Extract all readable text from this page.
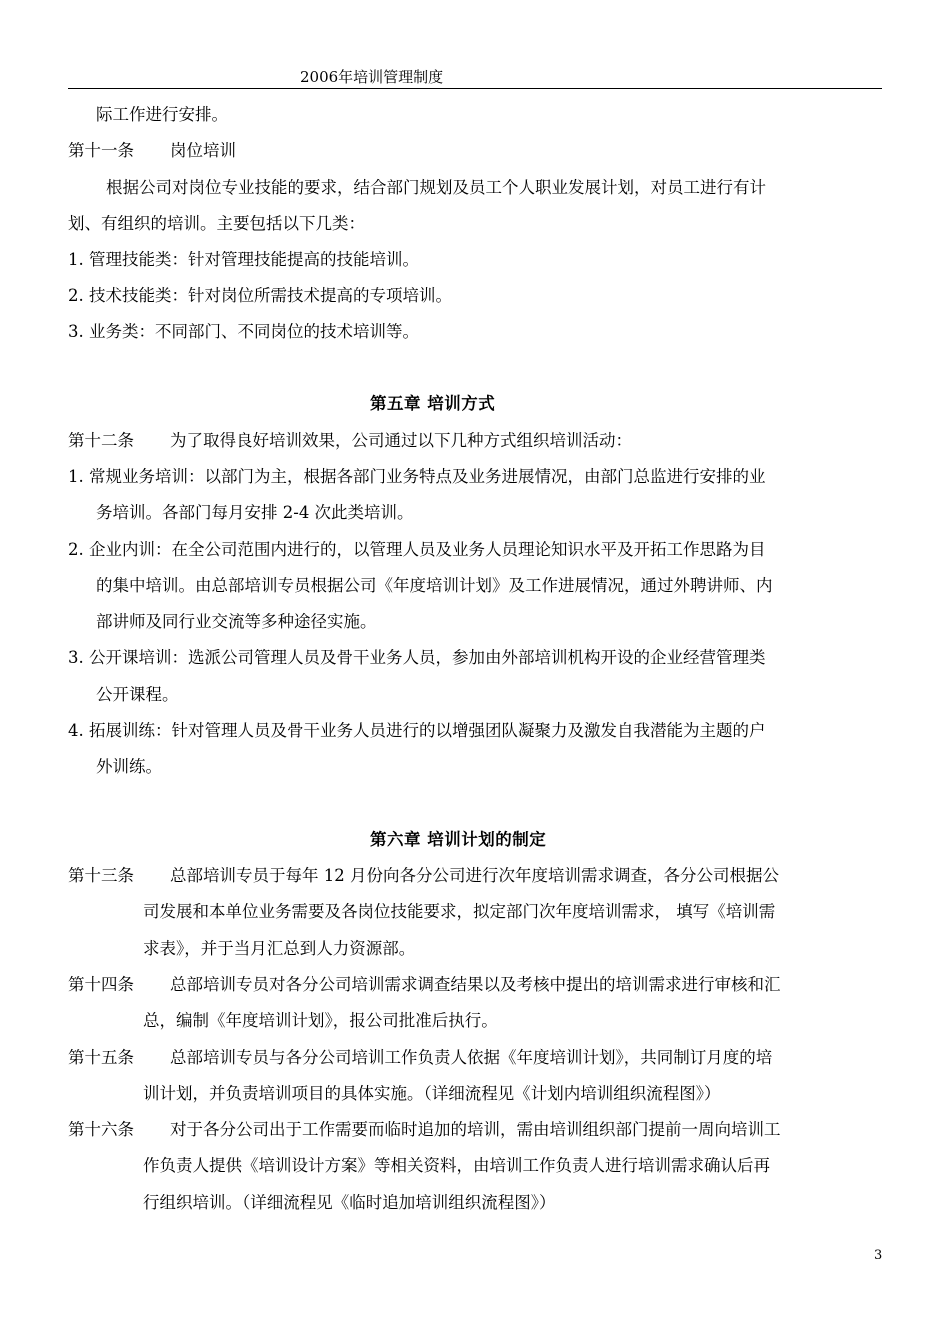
2006年培训管理制度
际工作进行安排。
第十一条 岗位培训
根据公司对岗位专业技能的要求，结合部门规划及员工个人职业发展计划，对员工进行有计
划、有组织的培训。主要包括以下几类：
1. 管理技能类：针对管理技能提高的技能培训。
2. 技术技能类：针对岗位所需技术提高的专项培训。
3. 业务类：不同部门、不同岗位的技术培训等。
第五章 培训方式
第十二条 为了取得良好培训效果，公司通过以下几种方式组织培训活动：
1. 常规业务培训：以部门为主，根据各部门业务特点及业务进展情况，由部门总监进行安排的业
务培训。各部门每月安排 2-4 次此类培训。
2. 企业内训：在全公司范围内进行的，以管理人员及业务人员理论知识水平及开拓工作思路为目
的集中培训。由总部培训专员根据公司《年度培训计划》及工作进展情况，通过外聘讲师、内
部讲师及同行业交流等多种途径实施。
3. 公开课培训：选派公司管理人员及骨干业务人员，参加由外部培训机构开设的企业经营管理类
公开课程。
4. 拓展训练：针对管理人员及骨干业务人员进行的以增强团队凝聚力及激发自我潜能为主题的户
外训练。
第六章 培训计划的制定
第十三条 总部培训专员于每年 12 月份向各分公司进行次年度培训需求调查，各分公司根据公
司发展和本单位业务需要及各岗位技能要求，拟定部门次年度培训需求， 填写《培训需
求表》，并于当月汇总到人力资源部。
第十四条 总部培训专员对各分公司培训需求调查结果以及考核中提出的培训需求进行审核和汇
总，编制《年度培训计划》，报公司批准后执行。
第十五条 总部培训专员与各分公司培训工作负责人依据《年度培训计划》，共同制订月度的培
训计划，并负责培训项目的具体实施。（详细流程见《计划内培训组织流程图》）
第十六条 对于各分公司出于工作需要而临时追加的培训，需由培训组织部门提前一周向培训工
作负责人提供《培训设计方案》等相关资料，由培训工作负责人进行培训需求确认后再
行组织培训。（详细流程见《临时追加培训组织流程图》）
3
